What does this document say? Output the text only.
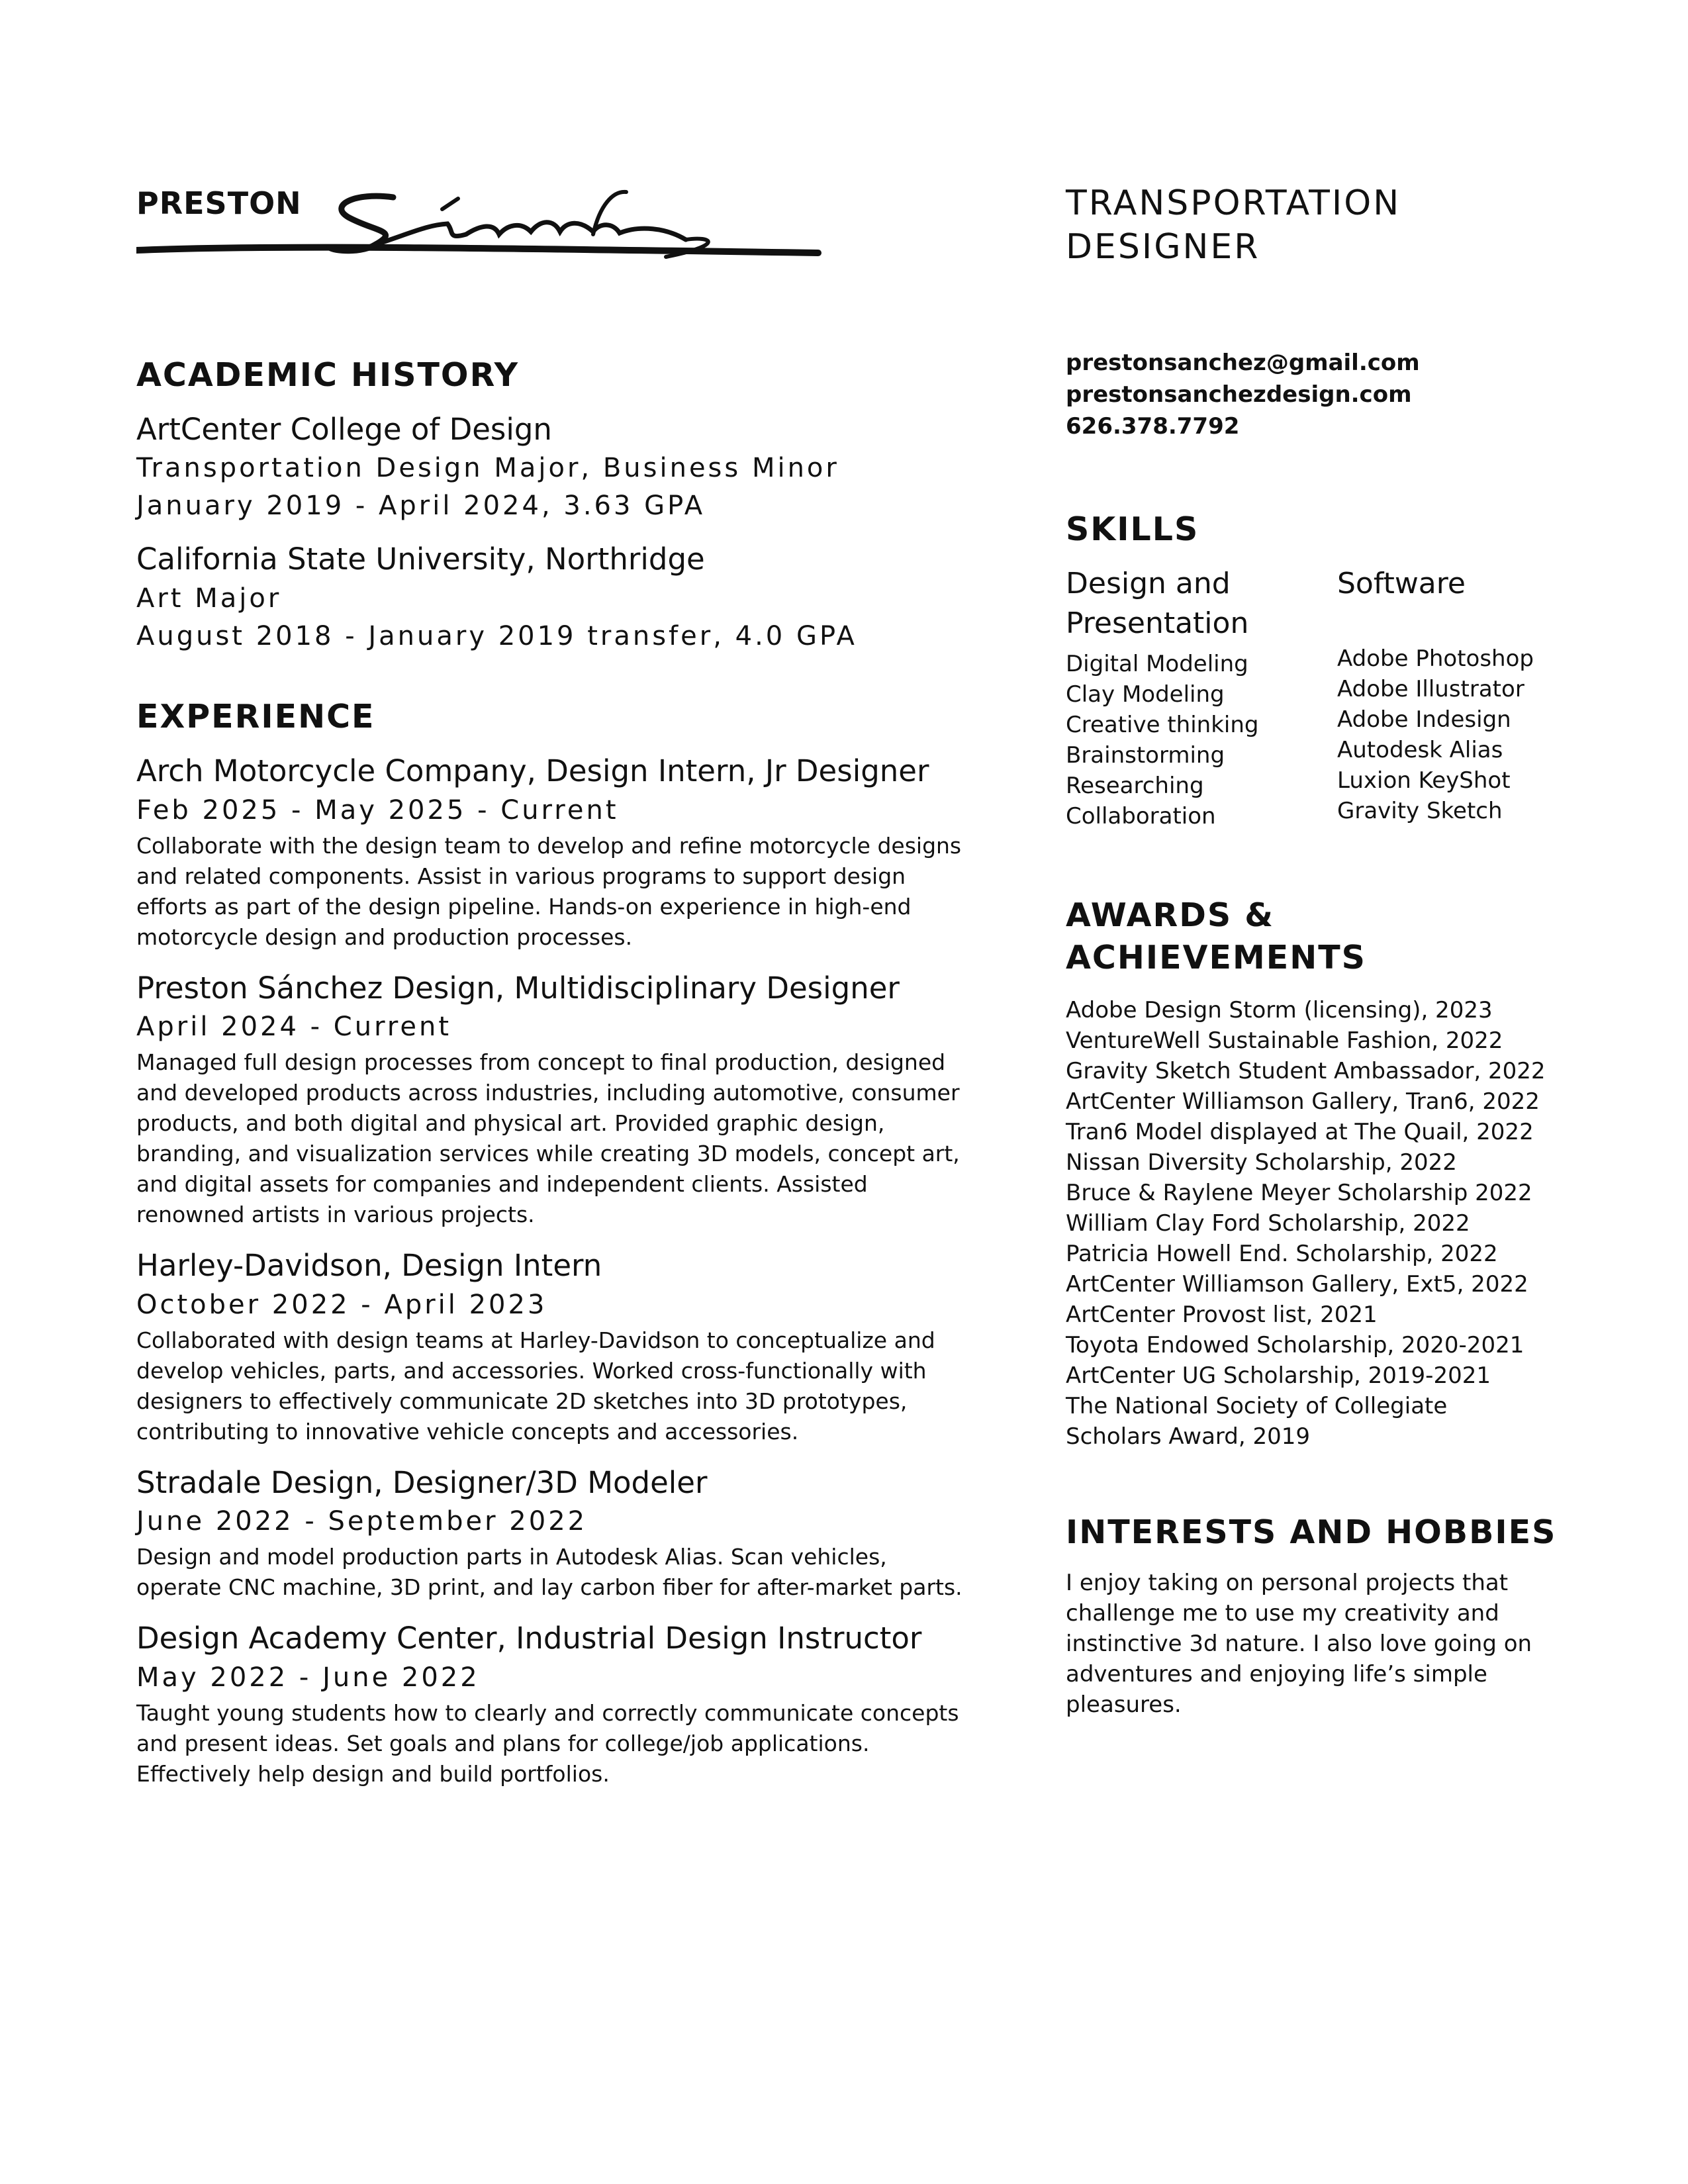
PRESTON
ACADEMIC HISTORY

ArtCenter College of Design

Transportation Design Major, Business Minor

January 2019 - April 2024, 3.63 GPA

California State University, Northridge

Art Major

August 2018 - January 2019 transfer, 4.0 GPA

EXPERIENCE

Arch Motorcycle Company, Design Intern, Jr Designer

Feb 2025 - May 2025 - Current

Collaborate with the design team to develop and refine motorcycle designs and related components. Assist in various programs to support design efforts as part of the design pipeline. Hands-on experience in high-end motorcycle design and production processes.

Preston Sánchez Design, Multidisciplinary Designer

April 2024 - Current

Managed full design processes from concept to final production, designed and developed products across industries, including automotive, consumer products, and both digital and physical art. Provided graphic design, branding, and visualization services while creating 3D models, concept art, and digital assets for companies and independent clients. Assisted renowned artists in various projects.

Harley-Davidson, Design Intern

October 2022 - April 2023

Collaborated with design teams at Harley-Davidson to conceptualize and develop vehicles, parts, and accessories. Worked cross-functionally with designers to effectively communicate 2D sketches into 3D prototypes, contributing to innovative vehicle concepts and accessories.

Stradale Design, Designer/3D Modeler

June 2022 - September 2022

Design and model production parts in Autodesk Alias. Scan vehicles, operate CNC machine, 3D print, and lay carbon fiber for after-market parts.

Design Academy Center, Industrial Design Instructor

May 2022 - June 2022

Taught young students how to clearly and correctly communicate concepts and present ideas. Set goals and plans for college/job applications. Effectively help design and build portfolios.

TRANSPORTATION

DESIGNER

prestonsanchez@gmail.com
prestonsanchezdesign.com
626.378.7792
SKILLS

Design and
Presentation

Digital Modeling
Clay Modeling
Creative thinking
Brainstorming
Researching
Collaboration

Software

Adobe Photoshop
Adobe Illustrator
Adobe Indesign
Autodesk Alias
Luxion KeyShot
Gravity Sketch
AWARDS &
ACHIEVEMENTS
Adobe Design Storm (licensing), 2023
VentureWell Sustainable Fashion, 2022
Gravity Sketch Student Ambassador, 2022
ArtCenter Williamson Gallery, Tran6, 2022
Tran6 Model displayed at The Quail, 2022
Nissan Diversity Scholarship, 2022
Bruce & Raylene Meyer Scholarship 2022
William Clay Ford Scholarship, 2022
Patricia Howell End. Scholarship, 2022
ArtCenter Williamson Gallery, Ext5, 2022
ArtCenter Provost list, 2021
Toyota Endowed Scholarship, 2020-2021
ArtCenter UG Scholarship, 2019-2021
The National Society of Collegiate
Scholars Award, 2019
INTERESTS AND HOBBIES

I enjoy taking on personal projects that challenge me to use my creativity and instinctive 3d nature. I also love going on adventures and enjoying life’s simple pleasures.
